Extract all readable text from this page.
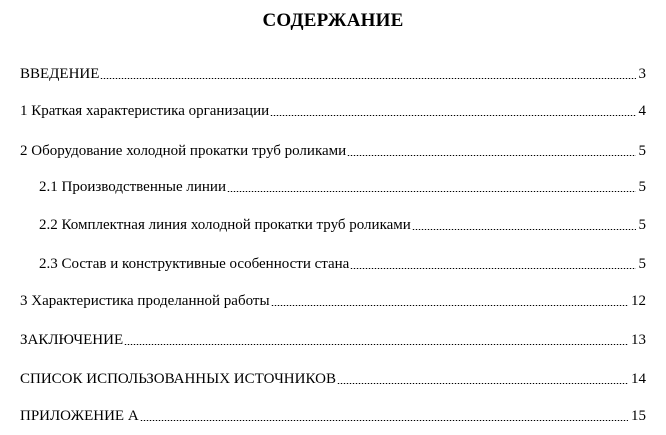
СОДЕРЖАНИЕ
ВВЕДЕНИЕ	3
1 Краткая характеристика организации	4
2 Оборудование холодной прокатки труб роликами	5
2.1 Производственные линии	5
2.2 Комплектная линия холодной прокатки труб роликами	5
2.3 Состав и конструктивные особенности стана	5
3 Характеристика проделанной работы	12
ЗАКЛЮЧЕНИЕ	13
СПИСОК ИСПОЛЬЗОВАННЫХ ИСТОЧНИКОВ	14
ПРИЛОЖЕНИЕ А	15
